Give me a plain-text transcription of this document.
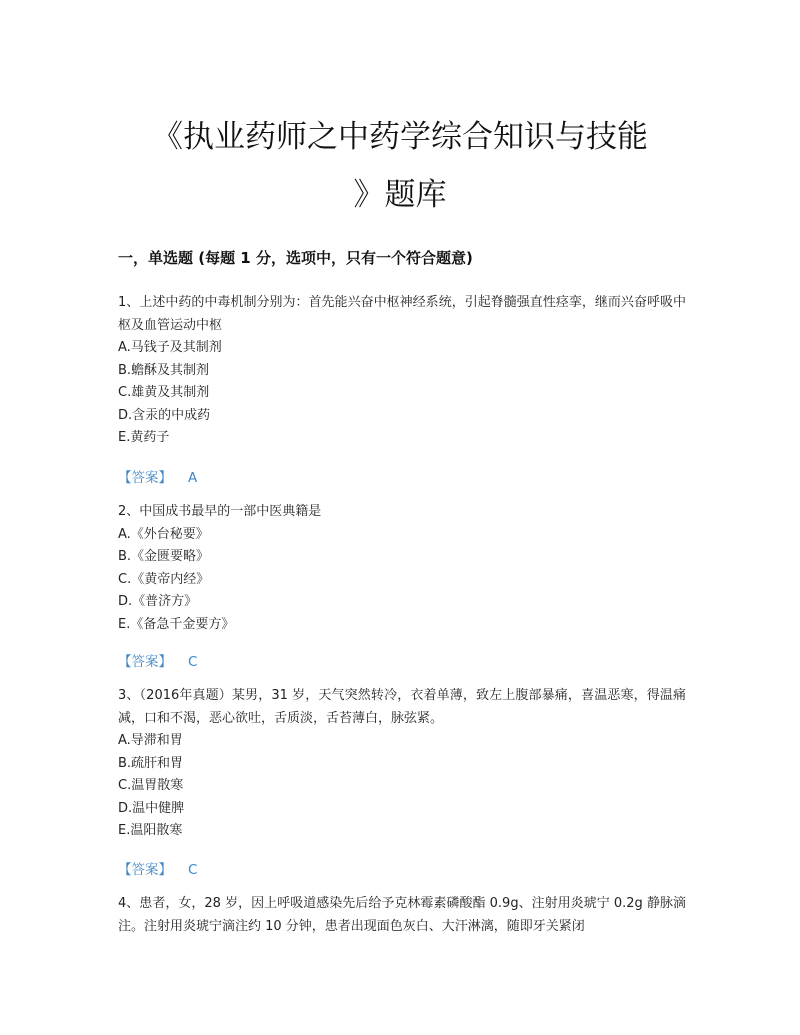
《执业药师之中药学综合知识与技能
》题库
一，单选题 (每题 1 分，选项中，只有一个符合题意)

1、上述中药的中毒机制分别为：首先能兴奋中枢神经系统，引起脊髓强直性痉挛，继而兴奋呼吸中枢及血管运动中枢

A.马钱子及其制剂

B.蟾酥及其制剂

C.雄黄及其制剂

D.含汞的中成药

E.黄药子

【答案】 A

2、中国成书最早的一部中医典籍是

A.《外台秘要》

B.《金匮要略》

C.《黄帝内经》

D.《普济方》

E.《备急千金要方》

【答案】 C

3、（2016年真题）某男，31 岁，天气突然转冷，衣着单薄，致左上腹部暴痛，喜温恶寒，得温痛减，口和不渴，恶心欲吐，舌质淡，舌苔薄白，脉弦紧。

A.导滞和胃

B.疏肝和胃

C.温胃散寒

D.温中健脾

E.温阳散寒

【答案】 C

4、患者，女，28 岁，因上呼吸道感染先后给予克林霉素磷酸酯 0.9g、注射用炎琥宁 0.2g 静脉滴注。注射用炎琥宁滴注约 10 分钟，患者出现面色灰白、大汗淋漓，随即牙关紧闭
